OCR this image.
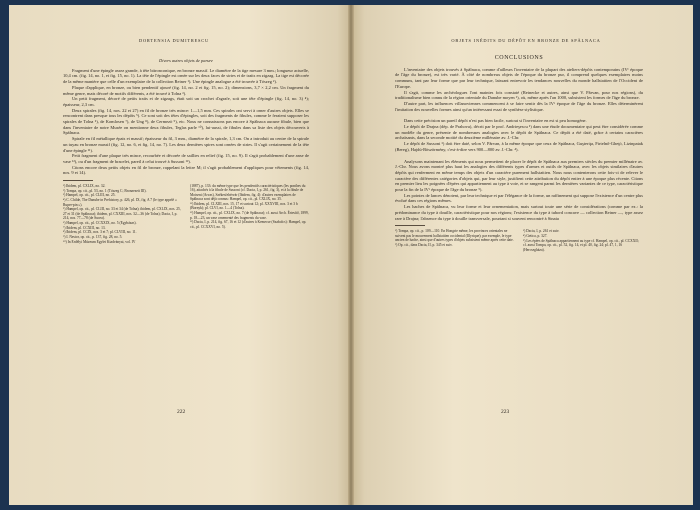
DORTENSIA DUMITRESCU
Divers autres objets de parure

Fragment d'une épingle assez grande, à tête bitronconique, en bronze massif. Le diamètre de la tige mesure 3 mm.; longueur actuelle, 10,4 cm. (fig. 14, no. 1, et fig. 15, no. 1). La tête de l'épingle est ornée sur les deux faces de stries et de traits en zigzag. La tige est décorée de la même manière que celle d'un exemplaire de la collection Reiner ¹). Une épingle analogue a été trouvée à Tószeg ²).

Plaque d'applique, en bronze, ou bien pendentif ajouré (fig. 14, no. 2 et fig. 15, no. 2); dimensions, 3,7 × 2,2 cm. Un fragment du même genre, mais décoré de motifs différents, a été trouvé à Tolna ³).

Un petit fragment, décoré de petits traits et de zigzags, était soit un crochet d'agrafe, soit une tête d'épingle (fig. 14, no. 3) ⁴); épaisseur, 2,3 cm.

Deux spirales (fig. 14, nos. 22 et 27) en fil de bronze très mince: 1—1,5 mm. Ces spirales ont servi à orner d'autres objets. Elles se rencontrent dans presque tous les dépôts ⁵). Ce sont soit des têtes d'épingles, soit des fragments de fibules, comme le feraient supposer les spirales de Tolna ⁶), de Komlosen ⁷), de Ung ⁸), de Cermezö ⁹), etc. Nous ne connaissons pas encore à Spălnaca aucune fibule, bien que dans l'inventaire de notre Musée on mentionne deux fibules, Teglas parle ¹⁰), lui-aussi, de fibules dans sa liste des objets découverts à Spălnaca.

Spirale en fil métallique épais et massif; épaisseur du fil, 3 mm., diamètre de la spirale, 1,3 cm. On a introduit au centre de la spirale un tuyau en bronze massif (fig. 12, no. 6, et fig. 14, no. 7). Les deux dernières spires sont ornées de stries. Il s'agit certainement de la tête d'une épingle ¹¹).

Petit fragment d'une plaque très mince, recourbée et décorée de saillies en relief (fig. 15, no. 9). Il s'agit probablement d'une anse de vase ¹²), ou d'un fragment de bracelet, pareil à celui trouvé à Sussoni ¹³).

Citons encore deux petits objets en fil de bronze, rappelant la lettre M; il s'agit probablement d'appliques pour vêtements (fig. 14, nos. 9 et 14).

¹) Ibidem, pl. CXLIX, no. 32.
²) Tompa, op. cit., pl. 53, no. 1 (Tószeg C; Bronzezeit III).
³) Hampel, op. cit., pl. CLIII, no. 25.
⁴) C. Childe, The Danube in Prehistory, p. 426, pl. IX, fig. A 7 (le type appelé « Ruper-pin »).
⁵) Hampel, op. cit., pl. CLIII, no. 33 et 34 (de Tolna); ibidem, pl. CXLIX, nos. 25, 27 et 31 (de Spălnaca); ibidem, pl. CXXIII, nos. 32—36 (de Tolna); Dacia, I, p. 214, nos. 77—78 (de Sucea).
⁶) Hampel, op. cit., pl. CCXXIX, no. 5 (Egyházas).
⁷) Ibidem, pl. CCXIII, no. 13.
⁸) Ibidem, pl. CCIX, nos. 3 et 7; pl. CLVIII, no. 11.
⁹) I. Nestor, op. cit., p. 137, fig. 28, no. 5.
¹⁰) In Erdélyi Múzeum Egylet Kiadványai, vol. IV
(1887), p. 133: du même type que les pendentifs caractéristiques (les ponthes du 16), attachés à la fibule de Sussoni (cf. Dacia, I, p. 261, fig. 3), et à la fibule de Moiseni (Arvas), Székesfehérvár (Ibidem, fig. 4): d'autres exemplaires de Spălnaca sont déjà connus: Hampel, op. cit., pl. CXLIX, no. 35.
¹¹) Ibidem, pl. CLXIII, nos. 15, 17 et surtout 12; pl. XXXVIII, nos. 3 et 3 b (Bornyk); pl. CLVI, no. 1—4 (Tolna).
¹²) Hampel, op. cit., pl. CXLIX, no. 7 (de Spălnaca); cf. aussi Arch. Értesítő, 1899, p. 18—23, un vase ornementé des fragments du vase.
¹³) Dacia, I, p. 214, fig. 67, 16 et 12 (d'autres à Kemecse (Szabolcs): Hampel, op. cit., pl. CCXXVI, no. 5).
222
OBJETS INÉDITS DU DÉPÔT EN BRONZE DE SPĂLNACA
CONCLUSIONS

L'inventaire des objets trouvés à Spălnaca, comme d'ailleurs l'inventaire de la plupart des ateliers-dépôts contemporains (IVᵉ époque de l'âge du bronze), est très varié. À côté de nombreux objets de l'époque du bronze pur, il comprend quelques exemplaires moins communs, tant par leur forme que par leur technique, laissant entrevoir les tendances nouvelles du monde hallstattien de l'Occident de l'Europe.

Il s'agit, comme les archéologues l'ont maintes fois constaté (Reinecke et autres, ainsi que V. Pârvan, pour nos régions), du traditionalisme bien connu de la région orientale du Danube moyen ¹), où, même après l'an 1000, subsistent les formes de l'âge du bronze.

D'autre part, les influences villanoviennes commencent à se faire sentir dès la IVᵉ époque de l'âge du bronze. Elles déterminèrent l'imitation des nouvelles formes ainsi qu'un intéressant essai de synthèse stylistique.

Dans cette précision un pareil dépôt n'est pas bien facile, surtout si l'inventaire en est si peu homogène.

Le dépôt de Drajna (dép. de Prahova), décrit par le prof. Andrieşescu ²) dans une étude documentaire qui peut être considérée comme un modèle du genre, présente de nombreuses analogies avec le dépôt de Spălnaca. Ce dépôt a été daté, grâce à certains caractères archaïsants, dans la seconde moitié du deuxième millénaire av. J.-Chr.

Le dépôt de Sussoni ³) doit être daté, selon V. Pârvan, à la même époque que ceux de Spălnaca, Guşteriţa, Firtelnő-Gheţö, Lizinpatak (Bereg), Hajdú-Böszörmény, c'est-à-dire vers 900—800 av. J.-Chr. ⁴).

Analysons maintenant les éléments qui nous permettent de placer le dépôt de Spălnaca aux premiers siècles du premier millénaire av. J.-Chr. Nous avons montré plus haut les analogies des différents types d'armes et outils de Spălnaca, avec les objets similaires d'autres dépôts qui renferment en même temps des objets d'un caractère purement hallstattien. Nous nous contenterons cette fois-ci de relever le caractère des différentes catégories d'objets qui, par leur style, justifient cette attribution du dépôt entier à une époque plus récente. Citons en premier lieu les poignées d'épées qui appartiennent au type à voie, et se rangent parmi les dernières variantes de ce type, caractéristique pour la fin de la IVᵉ époque de l'âge du bronze ⁵).

Les pointes de lances dénotent, par leur technique et par l'élégance de la forme, un raffinement qui suppose l'existence d'un centre plus évolué dans ces régions mêmes.

Les haches de Spălnaca, vu leur forme et leur ornementation, mais surtout toute une série de considérations (comme par ex.: la prédominance du type à douille, caractéristique pour nos régions; l'existence du type à tubord concave — collection Reiner —, type assez rare à Drajna; l'absence du type à douille transversale, pourtant si souvent rencontré à Sinaia

¹) Tompa, op. cit., p. 109—110. En Hongrie même, les provinces orientales ne suivent pas le mouvement hallstattien occidental (Illyrique); par exemple, le type ancien de hache, ainsi que d'autres types d'objets subsistent même après cette date.
²) Op. cit., dans Dacia, II, p. 345 et suiv.
³) Dacia, I, p. 261 et suiv.
⁴) Getica, p. 327.
⁵) Les épées de Spălnaca appartiennent au type cf. Hampel, op. cit., pl. CCXXII; cf. aussi Tompa, op. cit., pl. 52, fig. 14, et pl. 40, fig. 24; pl. 47, 1, 16 (Hercsegháza).
223
